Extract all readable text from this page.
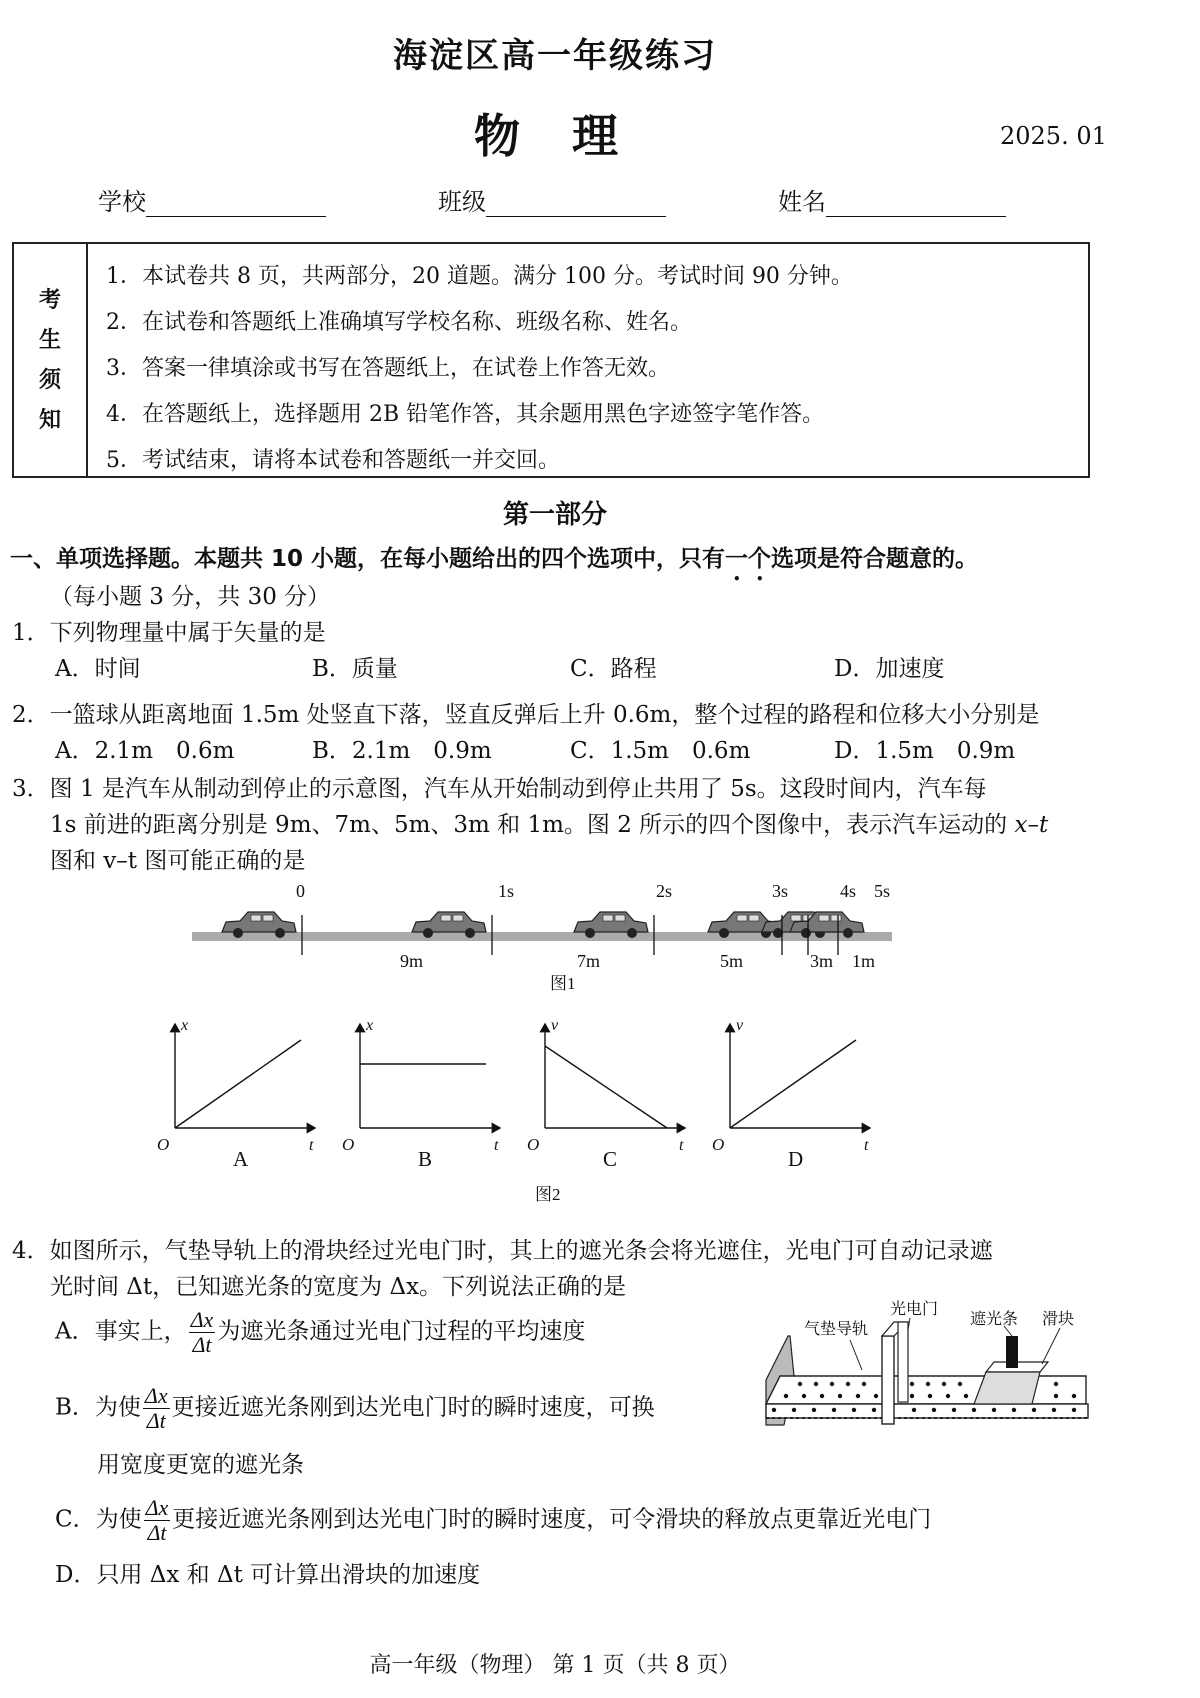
海淀区高一年级练习
物 理	2025. 01
学校	班级	姓名
考
生
须
知
1．本试卷共 8 页，共两部分，20 道题。满分 100 分。考试时间 90 分钟。
2．在试卷和答题纸上准确填写学校名称、班级名称、姓名。
3．答案一律填涂或书写在答题纸上，在试卷上作答无效。
4．在答题纸上，选择题用 2B 铅笔作答，其余题用黑色字迹签字笔作答。
5．考试结束，请将本试卷和答题纸一并交回。
第一部分
一、单项选择题。本题共 10 小题，在每小题给出的四个选项中，只有一个选项是符合题意的。
（每小题 3 分，共 30 分）
1．下列物理量中属于矢量的是
A．时间	B．质量	C．路程	D．加速度
2．一篮球从距离地面 1.5m 处竖直下落，竖直反弹后上升 0.6m，整个过程的路程和位移大小分别是
A．2.1m　0.6m	B．2.1m　0.9m	C．1.5m　0.6m	D．1.5m　0.9m
3．图 1 是汽车从制动到停止的示意图，汽车从开始制动到停止共用了 5s。这段时间内，汽车每
1s 前进的距离分别是 9m、7m、5m、3m 和 1m。图 2 所示的四个图像中，表示汽车运动的 x–t
图和 v–t 图可能正确的是
0	1s	2s	3s	4s 5s
9m	7m	5m	3m 1m
图1
x
t
O
A
x
t
O
B
v
t
O
C
v
t
O
D
图2
4．如图所示，气垫导轨上的滑块经过光电门时，其上的遮光条会将光遮住，光电门可自动记录遮
光时间 Δt，已知遮光条的宽度为 Δx。下列说法正确的是
A．事实上， $\frac{\Delta x}{\Delta t}$ 为遮光条通过光电门过程的平均速度
B．为使 $\frac{\Delta x}{\Delta t}$ 更接近遮光条刚到达光电门时的瞬时速度，可换
用宽度更宽的遮光条
C．为使 $\frac{\Delta x}{\Delta t}$ 更接近遮光条刚到达光电门时的瞬时速度，可令滑块的释放点更靠近光电门
D．只用 Δx 和 Δt 可计算出滑块的加速度
气垫导轨
光电门
遮光条 滑块
高一年级（物理） 第 1 页（共 8 页）
